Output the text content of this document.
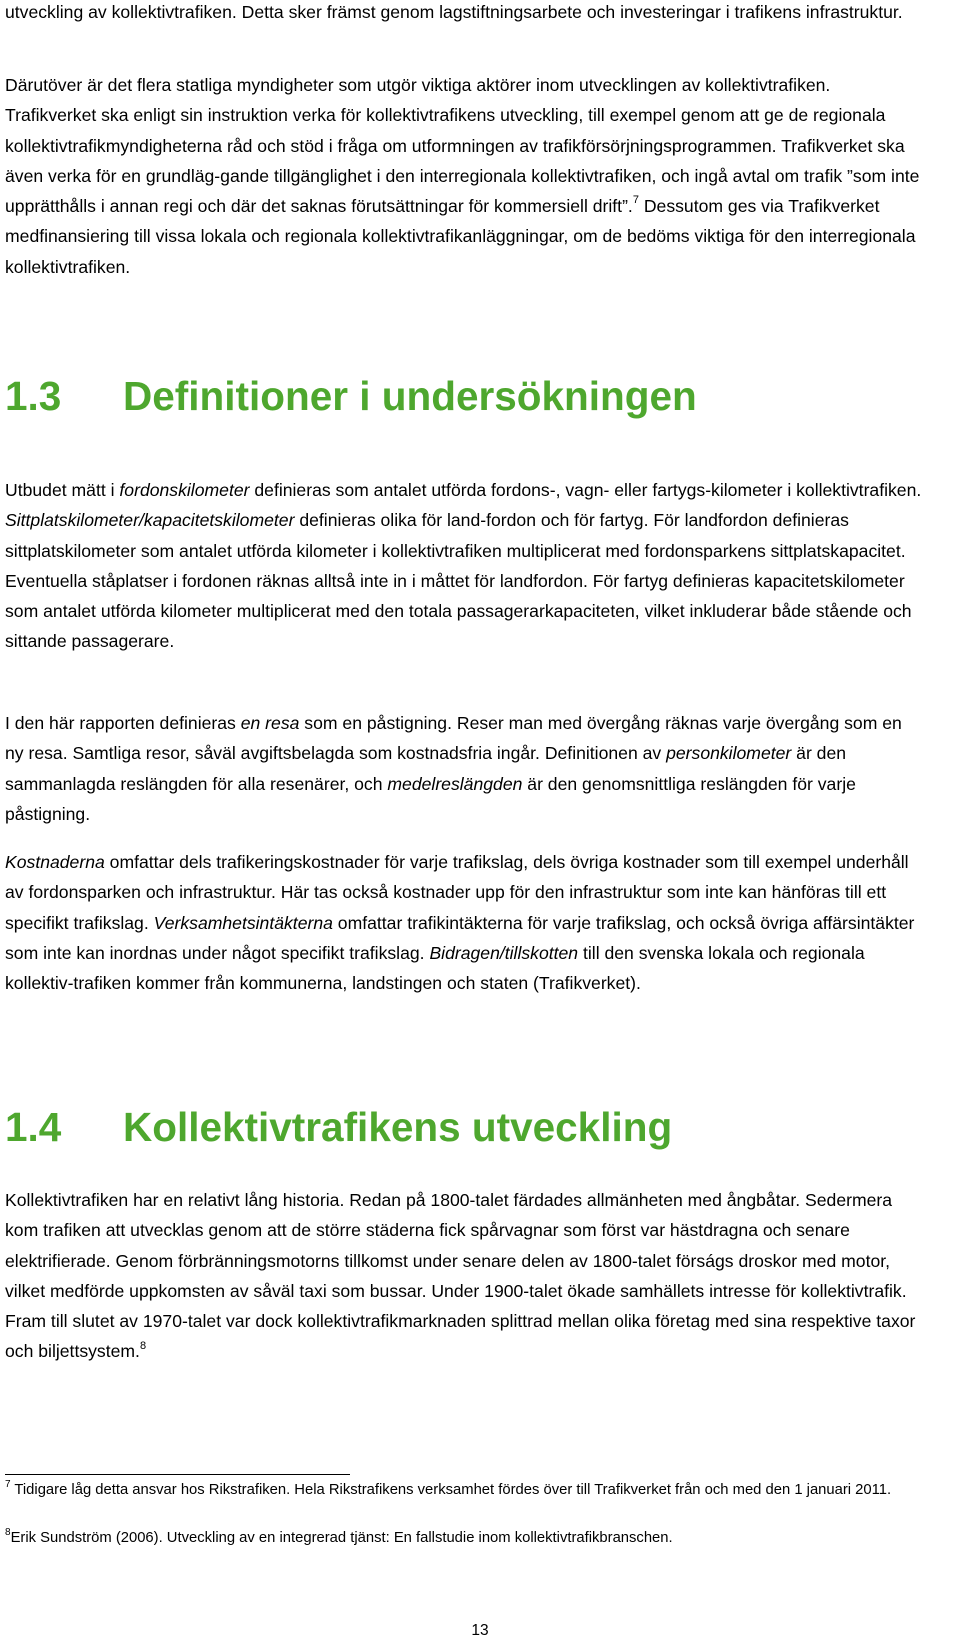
utveckling av kollektivtrafiken. Detta sker främst genom lagstiftningsarbete och investeringar i trafikens infrastruktur.

Därutöver är det flera statliga myndigheter som utgör viktiga aktörer inom utvecklingen av kollektivtrafiken. Trafikverket ska enligt sin instruktion verka för kollektivtrafikens utveckling, till exempel genom att ge de regionala kollektivtrafikmyndigheterna råd och stöd i fråga om utformningen av trafikförsörjningsprogrammen. Trafikverket ska även verka för en grundläg-gande tillgänglighet i den interregionala kollektivtrafiken, och ingå avtal om trafik ”som inte upprätthålls i annan regi och där det saknas förutsättningar för kommersiell drift”.$^7$ Dessutom ges via Trafikverket medfinansiering till vissa lokala och regionala kollektivtrafikanläggningar, om de bedöms viktiga för den interregionala kollektivtrafiken.

1.3 Definitioner i undersökningen

Utbudet mätt i fordonskilometer definieras som antalet utförda fordons-, vagn- eller fartygs-kilometer i kollektivtrafiken. Sittplatskilometer/kapacitetskilometer definieras olika för land-fordon och för fartyg. För landfordon definieras sittplatskilometer som antalet utförda kilometer i kollektivtrafiken multiplicerat med fordonsparkens sittplatskapacitet. Eventuella ståplatser i fordonen räknas alltså inte in i måttet för landfordon. För fartyg definieras kapacitetskilometer som antalet utförda kilometer multiplicerat med den totala passagerarkapaciteten, vilket inkluderar både stående och sittande passagerare.

I den här rapporten definieras en resa som en påstigning. Reser man med övergång räknas varje övergång som en ny resa. Samtliga resor, såväl avgiftsbelagda som kostnadsfria ingår. Definitionen av personkilometer är den sammanlagda reslängden för alla resenärer, och medelreslängden är den genomsnittliga reslängden för varje påstigning.

Kostnaderna omfattar dels trafikeringskostnader för varje trafikslag, dels övriga kostnader som till exempel underhåll av fordonsparken och infrastruktur. Här tas också kostnader upp för den infrastruktur som inte kan hänföras till ett specifikt trafikslag. Verksamhetsintäkterna omfattar trafikintäkterna för varje trafikslag, och också övriga affärsintäkter som inte kan inordnas under något specifikt trafikslag. Bidragen/tillskotten till den svenska lokala och regionala kollektiv-trafiken kommer från kommunerna, landstingen och staten (Trafikverket).

1.4 Kollektivtrafikens utveckling

Kollektivtrafiken har en relativt lång historia. Redan på 1800-talet färdades allmänheten med ångbåtar. Sedermera kom trafiken att utvecklas genom att de större städerna fick spårvagnar som först var hästdragna och senare elektrifierade. Genom förbränningsmotorns tillkomst under senare delen av 1800-talet förságs droskor med motor, vilket medförde uppkomsten av såväl taxi som bussar. Under 1900-talet ökade samhällets intresse för kollektivtrafik. Fram till slutet av 1970-talet var dock kollektivtrafikmarknaden splittrad mellan olika företag med sina respektive taxor och biljettsystem.$^8$

$^7$ Tidigare låg detta ansvar hos Rikstrafiken. Hela Rikstrafikens verksamhet fördes över till Trafikverket från och med den 1 januari 2011.

$^8$Erik Sundström (2006). Utveckling av en integrerad tjänst: En fallstudie inom kollektivtrafikbranschen.

13
